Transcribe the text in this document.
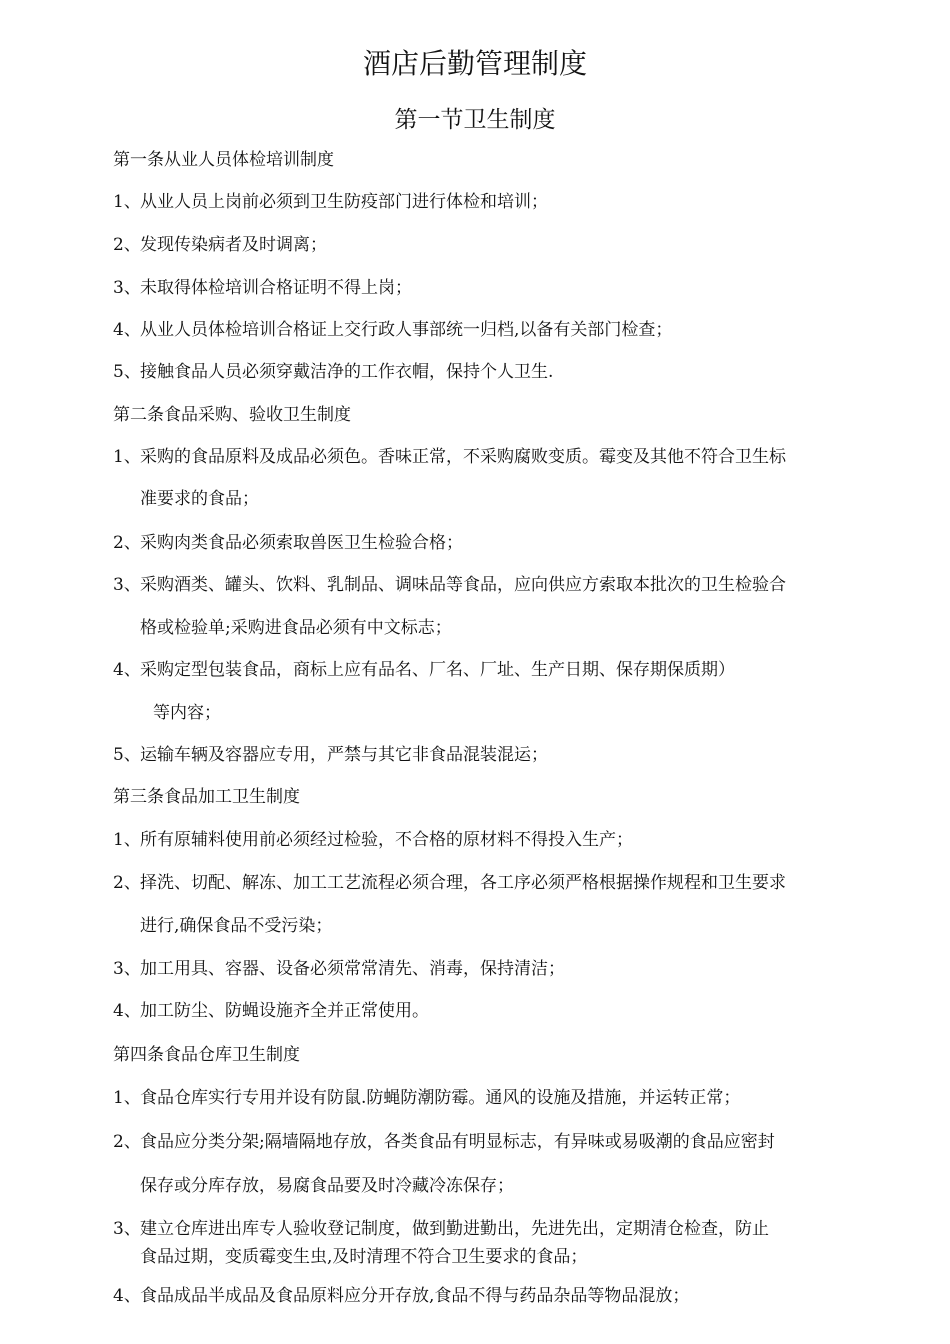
酒店后勤管理制度
第一节卫生制度
第一条从业人员体检培训制度
1、 从业人员上岗前必须到卫生防疫部门进行体检和培训；
2、 发现传染病者及时调离；
3、 未取得体检培训合格证明不得上岗；
4、 从业人员体检培训合格证上交行政人事部统一归档,以备有关部门检查；
5、 接触食品人员必须穿戴洁净的工作衣帽，保持个人卫生.
第二条食品采购、验收卫生制度
1、 采购的食品原料及成品必须色。香味正常，不采购腐败变质。霉变及其他不符合卫生标
准要求的食品；
2、 采购肉类食品必须索取兽医卫生检验合格；
3、 采购酒类、罐头、饮料、乳制品、调味品等食品，应向供应方索取本批次的卫生检验合
格或检验单;采购进食品必须有中文标志；
4、 采购定型包装食品，商标上应有品名、厂名、厂址、生产日期、保存期保质期）
等内容；
5、 运输车辆及容器应专用，严禁与其它非食品混装混运；
第三条食品加工卫生制度
1、 所有原辅料使用前必须经过检验，不合格的原材料不得投入生产；
2、 择洗、切配、解冻、加工工艺流程必须合理，各工序必须严格根据操作规程和卫生要求
进行,确保食品不受污染；
3、 加工用具、容器、设备必须常常清先、消毒，保持清洁；
4、 加工防尘、防蝇设施齐全并正常使用。
第四条食品仓库卫生制度
1、 食品仓库实行专用并设有防鼠.防蝇防潮防霉。通风的设施及措施，并运转正常；
2、 食品应分类分架;隔墙隔地存放，各类食品有明显标志，有异味或易吸潮的食品应密封
保存或分库存放，易腐食品要及时冷藏冷冻保存；
3、 建立仓库进出库专人验收登记制度，做到勤进勤出，先进先出，定期清仓检查，防止
食品过期，变质霉变生虫,及时清理不符合卫生要求的食品；
4、 食品成品半成品及食品原料应分开存放,食品不得与药品杂品等物品混放；
